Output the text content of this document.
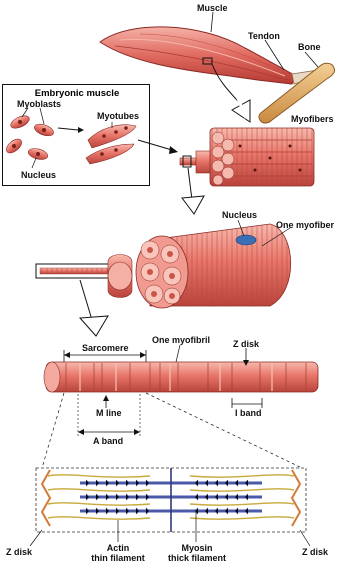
Embryonic muscle
Muscle
Tendon
Bone
Myofibers
Myoblasts
Myotubes
Nucleus
Nucleus
One myofiber
Sarcomere
One myofibril	Z disk
M line	I band
A band
Z disk	Actin
thin filament
Myosin
thick filament
Z disk
